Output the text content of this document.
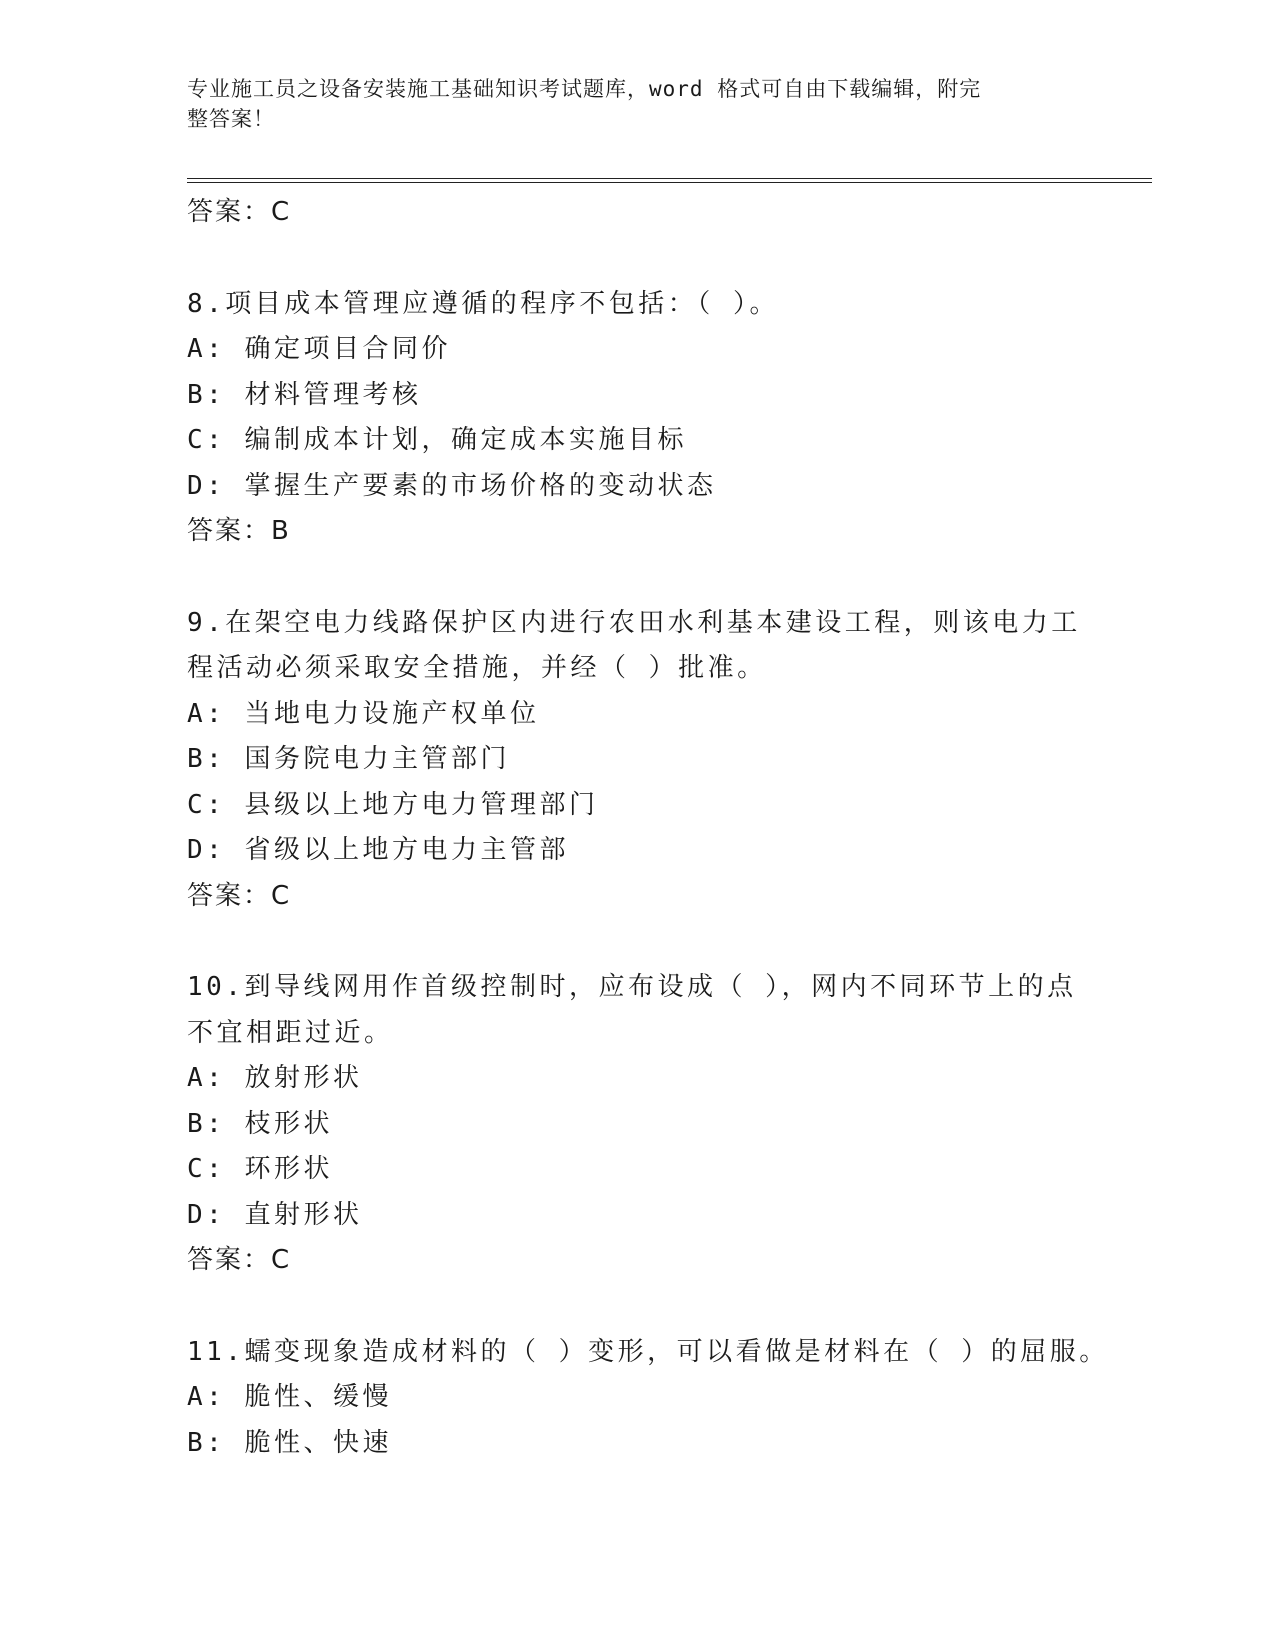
专业施工员之设备安装施工基础知识考试题库，word 格式可自由下载编辑，附完
整答案！
答案：C
8.项目成本管理应遵循的程序不包括：（ ）。
A: 确定项目合同价
B: 材料管理考核
C: 编制成本计划，确定成本实施目标
D: 掌握生产要素的市场价格的变动状态
答案：B
9.在架空电力线路保护区内进行农田水利基本建设工程，则该电力工
程活动必须采取安全措施，并经（ ）批准。
A: 当地电力设施产权单位
B: 国务院电力主管部门
C: 县级以上地方电力管理部门
D: 省级以上地方电力主管部
答案：C
10.到导线网用作首级控制时，应布设成（ ），网内不同环节上的点
不宜相距过近。
A: 放射形状
B: 枝形状
C: 环形状
D: 直射形状
答案：C
11.蠕变现象造成材料的（ ）变形，可以看做是材料在（ ）的屈服。
A: 脆性、缓慢
B: 脆性、快速
